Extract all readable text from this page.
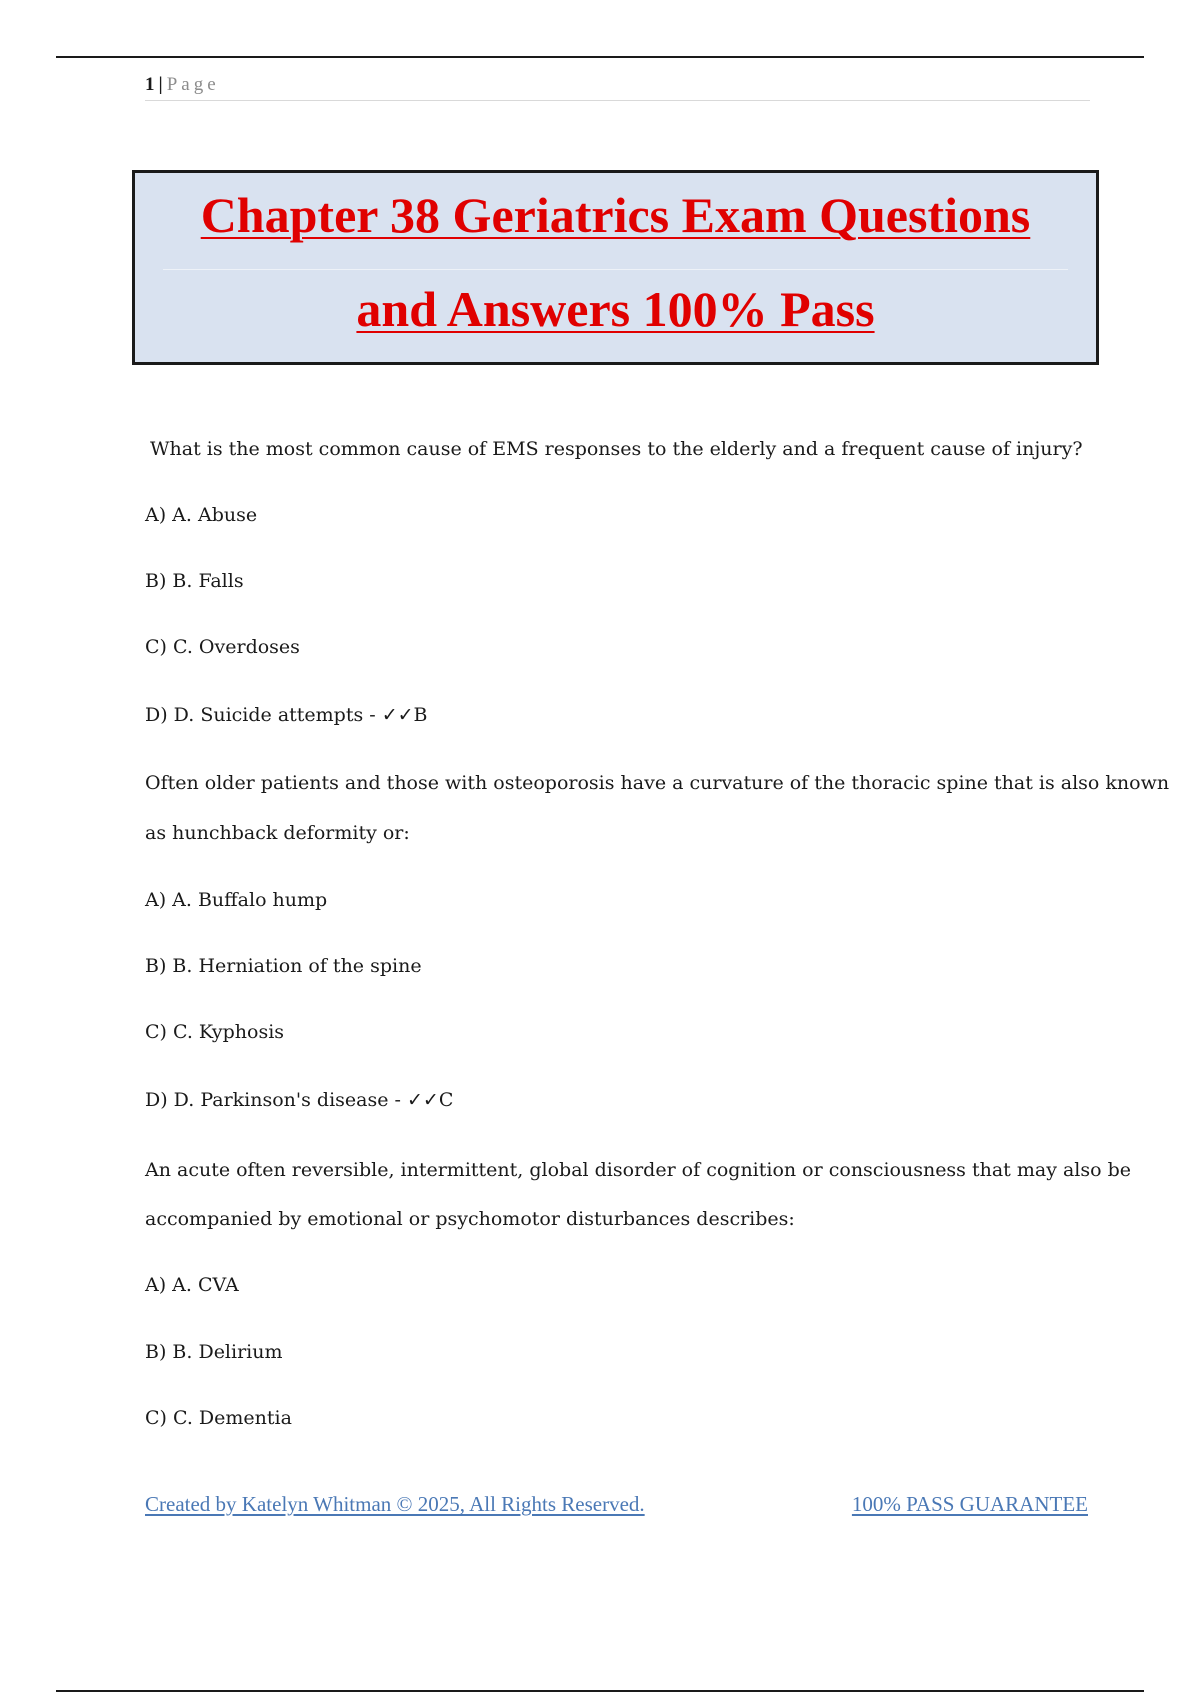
1 | Page
Chapter 38 Geriatrics Exam Questions
and Answers 100% Pass
What is the most common cause of EMS responses to the elderly and a frequent cause of injury?
A) A. Abuse
B) B. Falls
C) C. Overdoses
D) D. Suicide attempts - ✓✓B
Often older patients and those with osteoporosis have a curvature of the thoracic spine that is also known
as hunchback deformity or:
A) A. Buffalo hump
B) B. Herniation of the spine
C) C. Kyphosis
D) D. Parkinson's disease - ✓✓C
An acute often reversible, intermittent, global disorder of cognition or consciousness that may also be
accompanied by emotional or psychomotor disturbances describes:
A) A. CVA
B) B. Delirium
C) C. Dementia
Created by Katelyn Whitman © 2025, All Rights Reserved.	100% PASS GUARANTEE
